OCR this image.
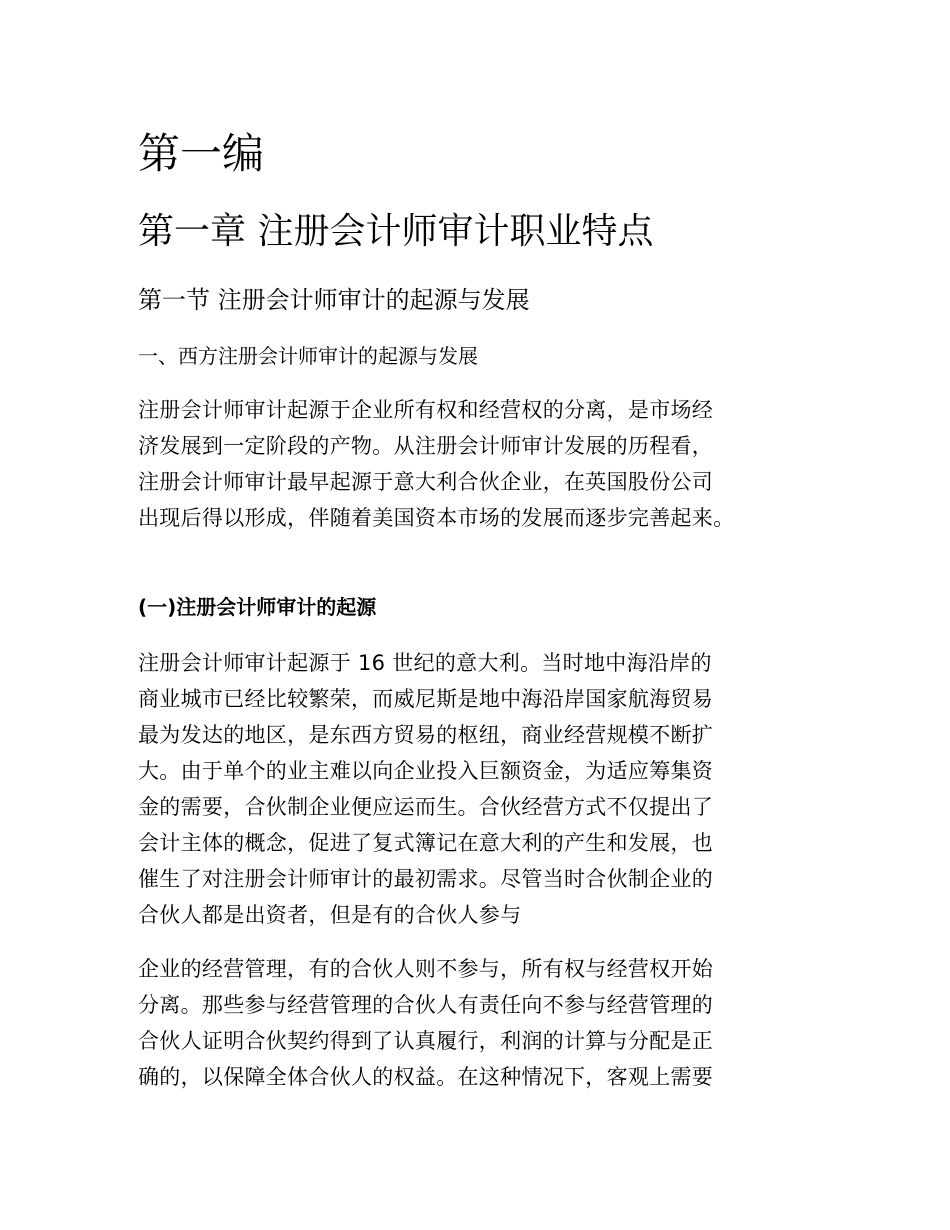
第一编
第一章 注册会计师审计职业特点
第一节 注册会计师审计的起源与发展
一、西方注册会计师审计的起源与发展

注册会计师审计起源于企业所有权和经营权的分离，是市场经
济发展到一定阶段的产物。从注册会计师审计发展的历程看，
注册会计师审计最早起源于意大利合伙企业，在英国股份公司
出现后得以形成，伴随着美国资本市场的发展而逐步完善起来。

(一)注册会计师审计的起源

注册会计师审计起源于 16 世纪的意大利。当时地中海沿岸的
商业城市已经比较繁荣，而威尼斯是地中海沿岸国家航海贸易
最为发达的地区，是东西方贸易的枢纽，商业经营规模不断扩
大。由于单个的业主难以向企业投入巨额资金，为适应筹集资
金的需要，合伙制企业便应运而生。合伙经营方式不仅提出了
会计主体的概念，促进了复式簿记在意大利的产生和发展，也
催生了对注册会计师审计的最初需求。尽管当时合伙制企业的
合伙人都是出资者，但是有的合伙人参与

企业的经营管理，有的合伙人则不参与，所有权与经营权开始
分离。那些参与经营管理的合伙人有责任向不参与经营管理的
合伙人证明合伙契约得到了认真履行，利润的计算与分配是正
确的，以保障全体合伙人的权益。在这种情况下，客观上需要
